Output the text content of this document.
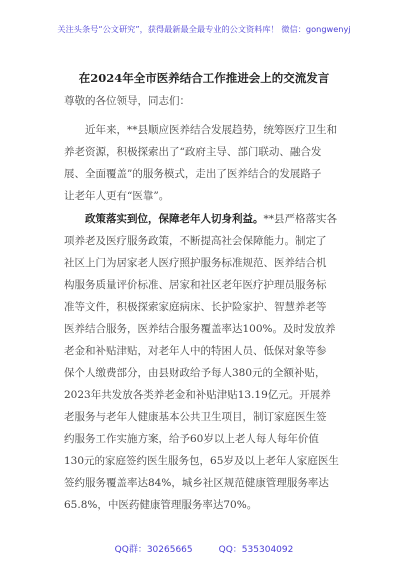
关注头条号“公文研究”，获得最新最全最专业的公文资料库！ 微信：gongwenyj
在2024年全市医养结合工作推进会上的交流发言
尊敬的各位领导，同志们：
近年来，**县顺应医养结合发展趋势，统筹医疗卫生和
养老资源，积极探索出了“政府主导、部门联动、融合发
展、全面覆盖”的服务模式，走出了医养结合的发展路子
让老年人更有“医靠”。
政策落实到位，保障老年人切身利益。**县严格落实各
项养老及医疗服务政策，不断提高社会保障能力。制定了
社区上门为居家老人医疗照护服务标准规范、医养结合机
构服务质量评价标准、居家和社区老年医疗护理员服务标
准等文件，积极探索家庭病床、长护险家护、智慧养老等
医养结合服务，医养结合服务覆盖率达100%。及时发放养
老金和补贴津贴，对老年人中的特困人员、低保对象等参
保个人缴费部分，由县财政给予每人380元的全额补贴，
2023年共发放各类养老金和补贴津贴13.19亿元。开展养
老服务与老年人健康基本公共卫生项目，制订家庭医生签
约服务工作实施方案，给予60岁以上老人每人每年价值
130元的家庭签约医生服务包，65岁及以上老年人家庭医生
签约服务覆盖率达84%，城乡社区规范健康管理服务率达
65.8%，中医药健康管理服务率达70%。
QQ群：30265665	QQ：535304092
